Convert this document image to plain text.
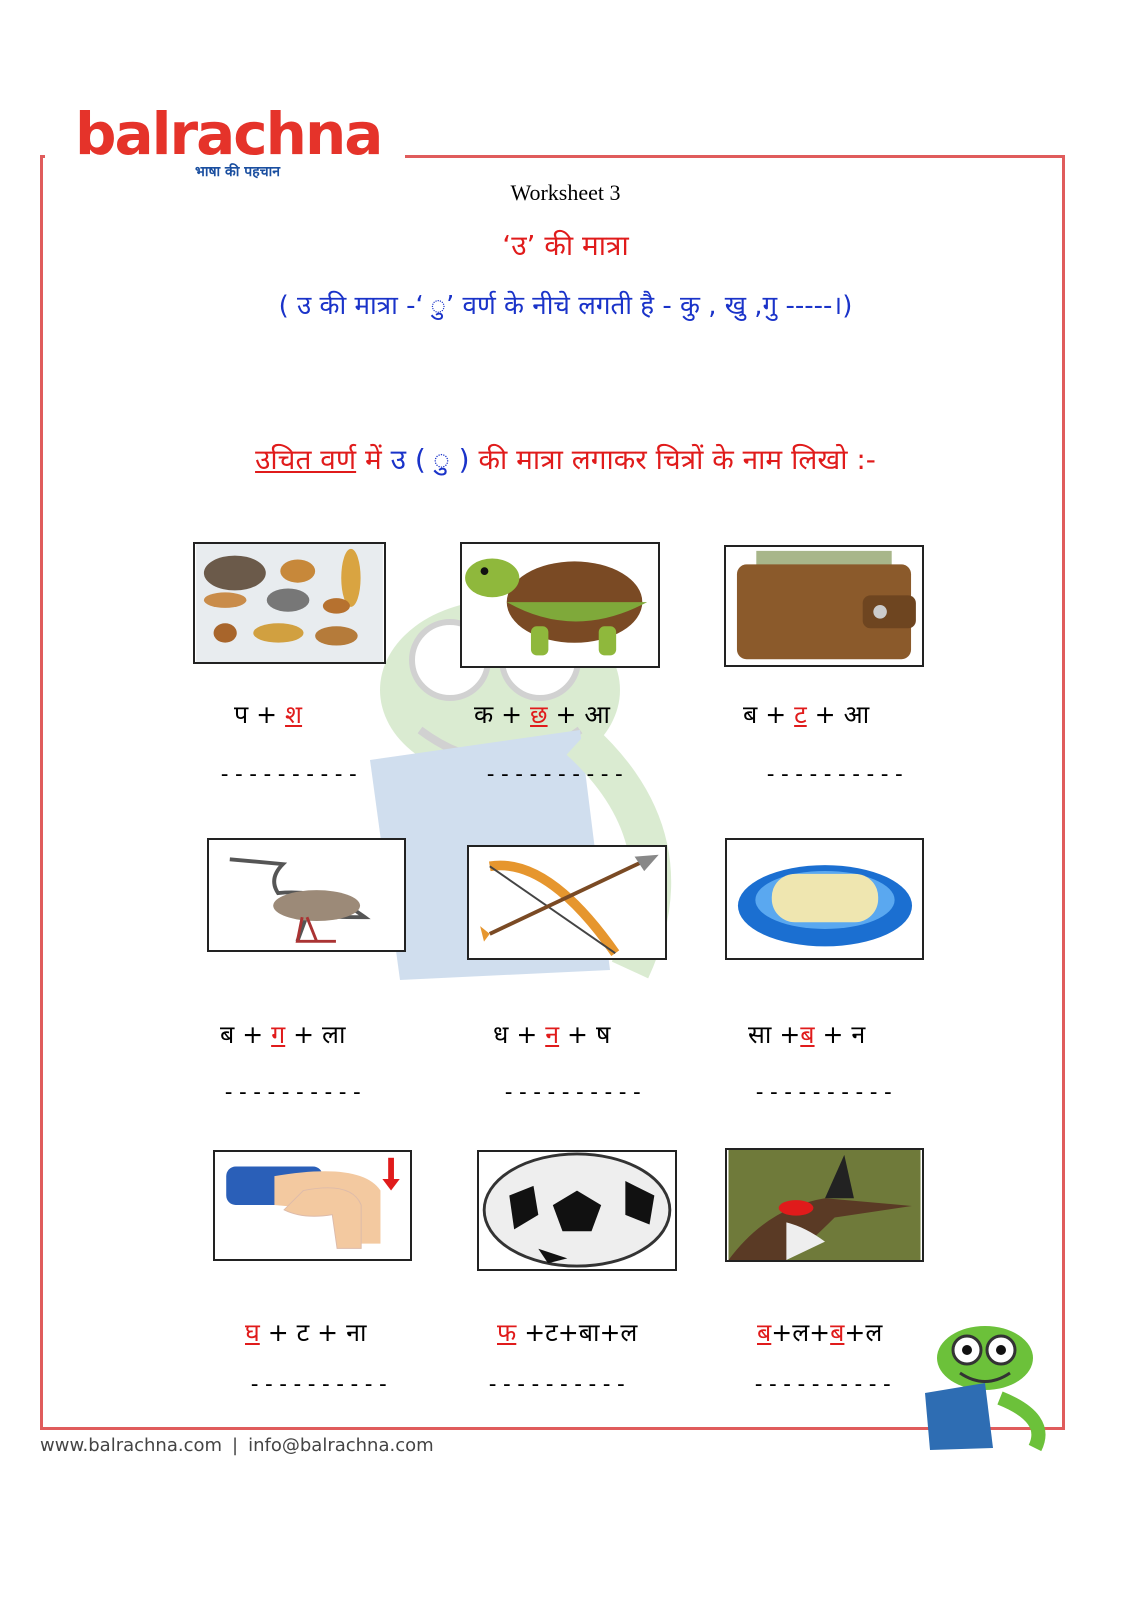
balrachna
भाषा की पहचान
Worksheet 3
‘उ’ की मात्रा
( उ की मात्रा -‘ ु’ वर्ण के नीचे लगती है - कु , खु ,गु -----।)
उचित वर्ण में उ ( ु ) की मात्रा लगाकर चित्रों के नाम लिखो :-
प + श
----------
क + छ + आ
----------
ब + ट + आ
----------
ब + ग + ला
----------
ध + न + ष
----------
सा +ब + न
----------
घ + ट + ना
----------
फ +ट+बा+ल
----------
ब+ल+ब+ल
----------
www.balrachna.com | info@balrachna.com
